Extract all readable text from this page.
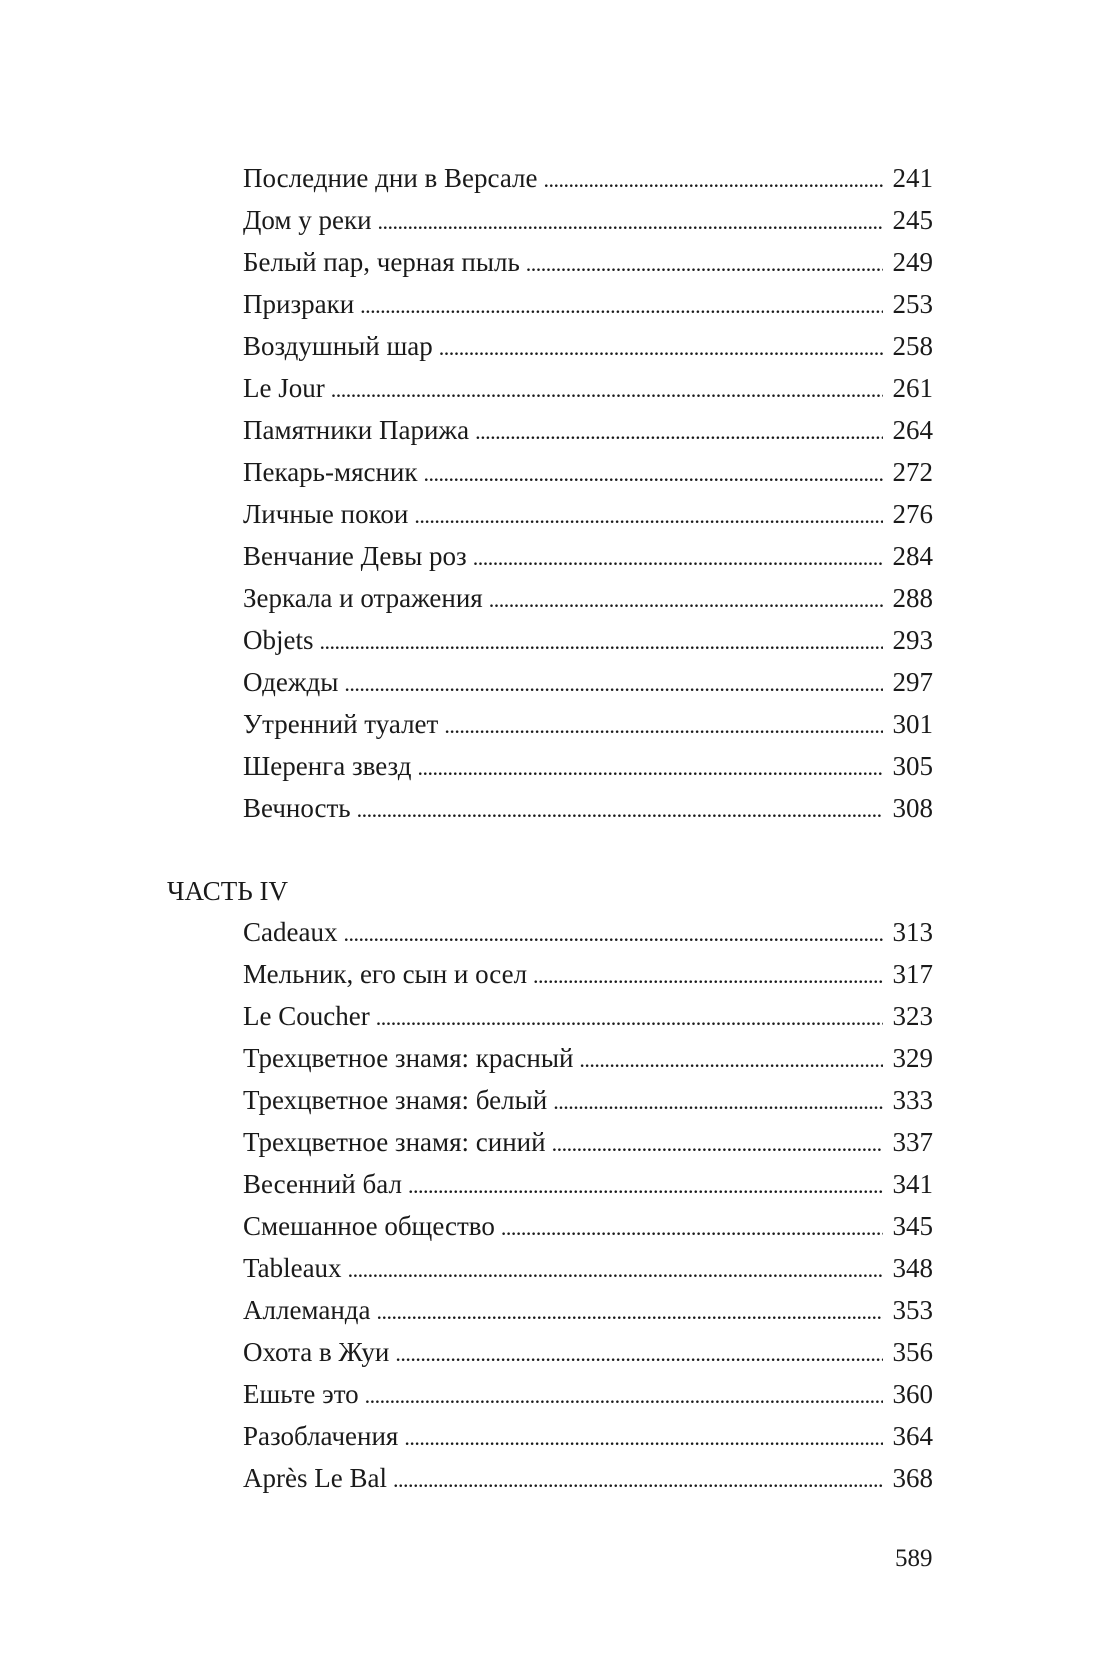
Последние дни в Версале . . .	241
Дом у реки . . .	245
Белый пар, черная пыль . . .	249
Призраки . . .	253
Воздушный шар . . .	258
Le Jour . . .	261
Памятники Парижа . . .	264
Пекарь-мясник . . .	272
Личные покои . . .	276
Венчание Девы роз . . .	284
Зеркала и отражения . . .	288
Objets . . .	293
Одежды . . .	297
Утренний туалет . . .	301
Шеренга звезд . . .	305
Вечность . . .	308
ЧАСТЬ IV
Cadeaux . . .	313
Мельник, его сын и осел . . .	317
Le Coucher . . .	323
Трехцветное знамя: красный . . .	329
Трехцветное знамя: белый . . .	333
Трехцветное знамя: синий . . .	337
Весенний бал . . .	341
Смешанное общество . . .	345
Tableaux . . .	348
Аллеманда . . .	353
Охота в Жуи . . .	356
Ешьте это . . .	360
Разоблачения . . .	364
Après Le Bal . . .	368
589
